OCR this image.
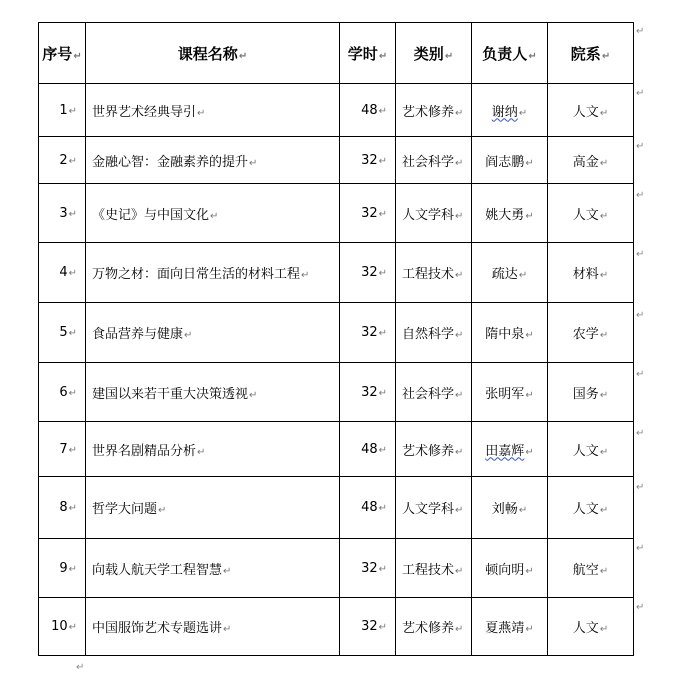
序号↵	课程名称↵	学时↵	类别↵	负责人↵	院系↵
1↵	世界艺术经典导引↵	48↵	艺术修养↵	谢纳↵	人文↵
2↵	金融心智：金融素养的提升↵	32↵	社会科学↵	阎志鹏↵	高金↵
3↵	《史记》与中国文化↵	32↵	人文学科↵	姚大勇↵	人文↵
4↵	万物之材：面向日常生活的材料工程↵	32↵	工程技术↵	疏达↵	材料↵
5↵	食品营养与健康↵	32↵	自然科学↵	隋中泉↵	农学↵
6↵	建国以来若干重大决策透视↵	32↵	社会科学↵	张明军↵	国务↵
7↵	世界名剧精品分析↵	48↵	艺术修养↵	田嘉辉↵	人文↵
8↵	哲学大问题↵	48↵	人文学科↵	刘畅↵	人文↵
9↵	向载人航天学工程智慧↵	32↵	工程技术↵	顿向明↵	航空↵
10↵	中国服饰艺术专题选讲↵	32↵	艺术修养↵	夏燕靖↵	人文↵
↵
↵
↵
↵
↵
↵
↵
↵
↵
↵
↵
↵
